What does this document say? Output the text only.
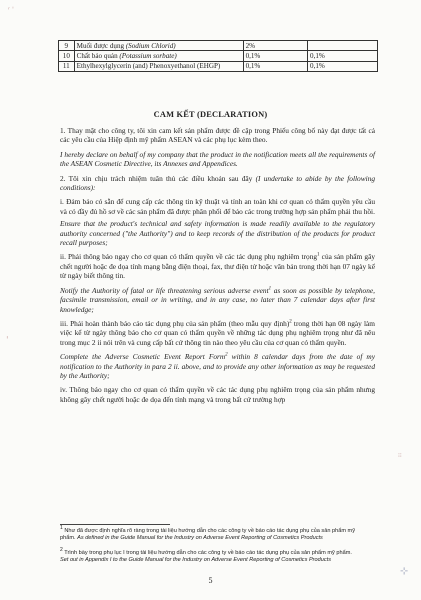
ʳ ˈ
ˌ
⁝⁝
⊹
9	Muối được dụng (Sodium Chlorid)	2%	
10	Chất bảo quản (Potassium sorbate)	0,1%	0,1%
11	Ethylhexylglycerin (and) Phenoxyethanol (EHGP)	0,1%	0,1%
CAM KẾT (DECLARATION)

1. Thay mặt cho công ty, tôi xin cam kết sản phẩm được đề cập trong Phiếu công bố này đạt được tất cả các yêu cầu của Hiệp định mỹ phẩm ASEAN và các phụ lục kèm theo.

I hereby declare on behalf of my company that the product in the notification meets all the requirements of the ASEAN Cosmetic Directive, its Annexes and Appendices.

2. Tôi xin chịu trách nhiệm tuân thủ các điều khoản sau đây (I undertake to abide by the following conditions):

i. Đảm bảo có sẵn để cung cấp các thông tin kỹ thuật và tính an toàn khi cơ quan có thẩm quyền yêu cầu và có đầy đủ hồ sơ về các sản phẩm đã được phân phối để bảo các trong trường hợp sản phẩm phải thu hồi.

Ensure that the product's technical and safety information is made readily available to the regulatory authority concerned ("the Authority") and to keep records of the distribution of the products for product recall purposes;

ii. Phải thông báo ngay cho cơ quan có thẩm quyền về các tác dụng phụ nghiêm trọng$^1$ của sản phẩm gây chết người hoặc đe dọa tính mạng bằng điện thoại, fax, thư điện tử hoặc văn bản trong thời hạn 07 ngày kể từ ngày biết thông tin.

Notify the Authority of fatal or life threatening serious adverse event$^1$ as soon as possible by telephone, facsimile transmission, email or in writing, and in any case, no later than 7 calendar days after first knowledge;

iii. Phải hoàn thành báo cáo tác dụng phụ của sản phẩm (theo mẫu quy định)$^2$ trong thời hạn 08 ngày làm việc kể từ ngày thông báo cho cơ quan có thẩm quyền về những tác dụng phụ nghiêm trọng như đã nêu trong mục 2 ii nói trên và cung cấp bất cứ thông tin nào theo yêu cầu của cơ quan có thẩm quyền.

Complete the Adverse Cosmetic Event Report Form$^2$ within 8 calendar days from the date of my notification to the Authority in para 2 ii. above, and to provide any other information as may be requested by the Authority;

iv. Thông báo ngay cho cơ quan có thẩm quyền về các tác dụng phụ nghiêm trọng của sản phẩm nhưng không gây chết người hoặc đe dọa đến tính mạng và trong bất cứ trường hợp

$^1$ Như đã được định nghĩa rõ ràng trong tài liệu hướng dẫn cho các công ty về báo cáo tác dụng phụ của sản phẩm mỹ phẩm. As defined in the Guide Manual for the Industry on Adverse Event Reporting of Cosmetics Products
$^2$ Trình bày trong phụ lục I trong tài liệu hướng dẫn cho các công ty về báo cáo tác dụng phụ của sản phẩm mỹ phẩm. Set out in Appendix I to the Guide Manual for the Industry on Adverse Event Reporting of Cosmetics Products
5
